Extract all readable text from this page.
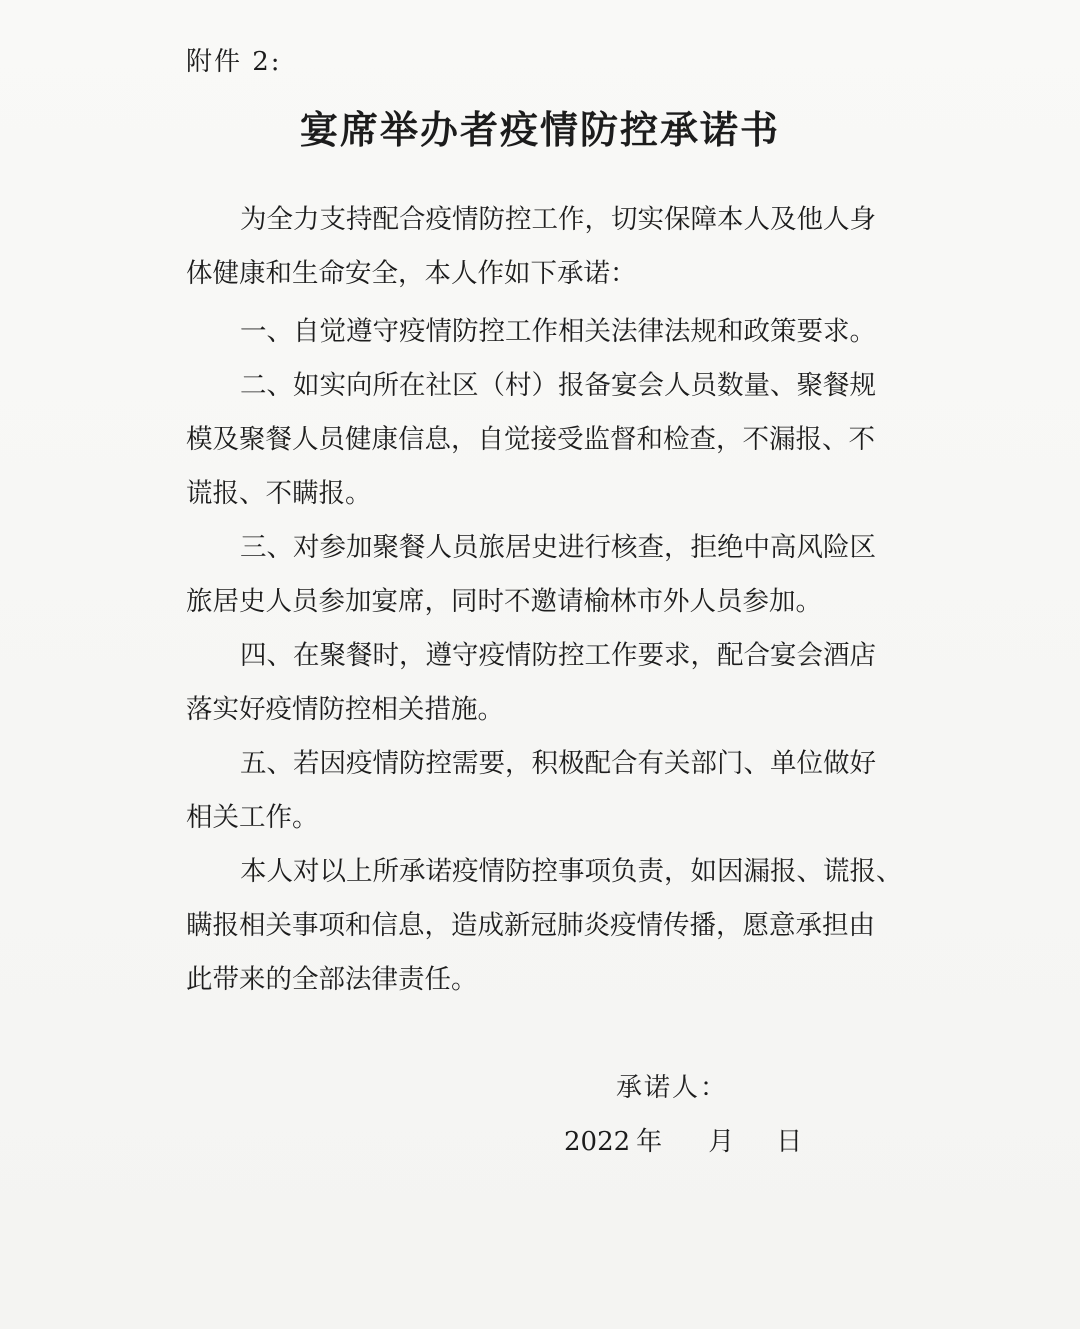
附件 2:
宴席举办者疫情防控承诺书
为全力支持配合疫情防控工作，切实保障本人及他人身
体健康和生命安全，本人作如下承诺：
一、自觉遵守疫情防控工作相关法律法规和政策要求。
二、如实向所在社区（村）报备宴会人员数量、聚餐规
模及聚餐人员健康信息，自觉接受监督和检查，不漏报、不
谎报、不瞒报。
三、对参加聚餐人员旅居史进行核查，拒绝中高风险区
旅居史人员参加宴席，同时不邀请榆林市外人员参加。
四、在聚餐时，遵守疫情防控工作要求，配合宴会酒店
落实好疫情防控相关措施。
五、若因疫情防控需要，积极配合有关部门、单位做好
相关工作。
本人对以上所承诺疫情防控事项负责，如因漏报、谎报、
瞒报相关事项和信息，造成新冠肺炎疫情传播，愿意承担由
此带来的全部法律责任。
承诺人：
2022 年 月 日
